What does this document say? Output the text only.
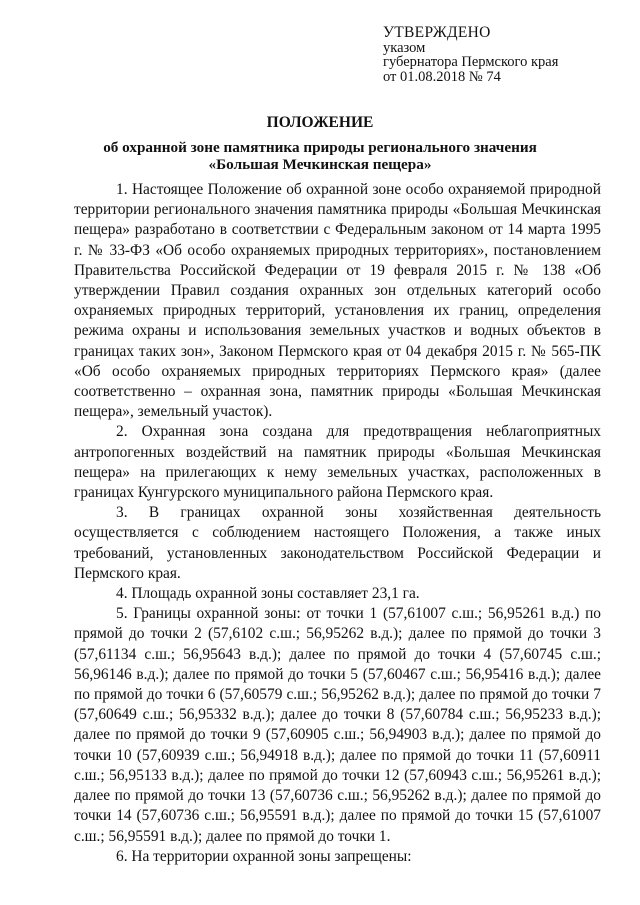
УТВЕРЖДЕНО
указом
губернатора Пермского края
от 01.08.2018 № 74
ПОЛОЖЕНИЕ
об охранной зоне памятника природы регионального значения
«Большая Мечкинская пещера»

1. Настоящее Положение об охранной зоне особо охраняемой природной территории регионального значения памятника природы «Большая Мечкинская пещера» разработано в соответствии с Федеральным законом от 14 марта 1995 г. № 33-ФЗ «Об особо охраняемых природных территориях», постановлением Правительства Российской Федерации от 19 февраля 2015 г. № 138 «Об утверждении Правил создания охранных зон отдельных категорий особо охраняемых природных территорий, установления их границ, определения режима охраны и использования земельных участков и водных объектов в границах таких зон», Законом Пермского края от 04 декабря 2015 г. № 565-ПК «Об особо охраняемых природных территориях Пермского края» (далее соответственно – охранная зона, памятник природы «Большая Мечкинская пещера», земельный участок).

2. Охранная зона создана для предотвращения неблагоприятных антропогенных воздействий на памятник природы «Большая Мечкинская пещера» на прилегающих к нему земельных участках, расположенных в границах Кунгурского муниципального района Пермского края.

3. В границах охранной зоны хозяйственная деятельность осуществляется с соблюдением настоящего Положения, а также иных требований, установленных законодательством Российской Федерации и Пермского края.

4. Площадь охранной зоны составляет 23,1 га.

5. Границы охранной зоны: от точки 1 (57,61007 с.ш.; 56,95261 в.д.) по прямой до точки 2 (57,6102 с.ш.; 56,95262 в.д.); далее по прямой до точки 3 (57,61134 с.ш.; 56,95643 в.д.); далее по прямой до точки 4 (57,60745 с.ш.; 56,96146 в.д.); далее по прямой до точки 5 (57,60467 с.ш.; 56,95416 в.д.); далее по прямой до точки 6 (57,60579 с.ш.; 56,95262 в.д.); далее по прямой до точки 7 (57,60649 с.ш.; 56,95332 в.д.); далее до точки 8 (57,60784 с.ш.; 56,95233 в.д.); далее по прямой до точки 9 (57,60905 с.ш.; 56,94903 в.д.); далее по прямой до точки 10 (57,60939 с.ш.; 56,94918 в.д.); далее по прямой до точки 11 (57,60911 с.ш.; 56,95133 в.д.); далее по прямой до точки 12 (57,60943 с.ш.; 56,95261 в.д.); далее по прямой до точки 13 (57,60736 с.ш.; 56,95262 в.д.); далее по прямой до точки 14 (57,60736 с.ш.; 56,95591 в.д.); далее по прямой до точки 15 (57,61007 с.ш.; 56,95591 в.д.); далее по прямой до точки 1.

6. На территории охранной зоны запрещены:
